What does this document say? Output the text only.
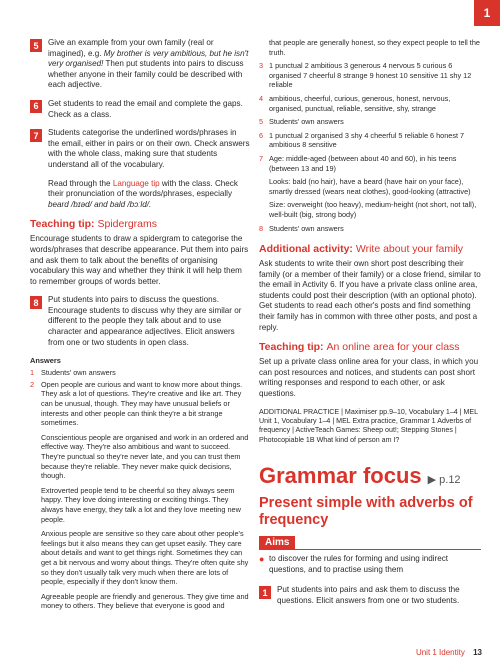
1
5	Give an example from your own family (real or imagined), e.g. My brother is very ambitious, but he isn't very organised! Then put students into pairs to discuss whether anyone in their family could be described with each adjective.
6	Get students to read the email and complete the gaps. Check as a class.
7	Students categorise the underlined words/phrases in the email, either in pairs or on their own. Check answers with the whole class, making sure that students understand all of the vocabulary.
Read through the Language tip with the class. Check their pronunciation of the words/phrases, especially beard /bɪəd/ and bald /bɔːld/.
Teaching tip: Spidergrams
Encourage students to draw a spidergram to categorise the words/phrases that describe appearance. Put them into pairs and ask them to talk about the benefits of organising vocabulary this way and whether they think it will help them to remember groups of words better.
8	Put students into pairs to discuss the questions. Encourage students to discuss why they are similar or different to the people they talk about and to use character and appearance adjectives. Elicit answers from one or two students in open class.
Answers
1 Students' own answers
2 Open people are curious and want to know more about things. They ask a lot of questions. They're creative and like art. They can be unusual, though. They may have unusual beliefs or interests and other people can think they're a bit strange sometimes.
Conscientious people are organised and work in an ordered and effective way. They're also ambitious and want to succeed. They're punctual so they're never late, and you can trust them because they're reliable. They never make quick decisions, though.
Extroverted people tend to be cheerful so they always seem happy. They love doing interesting or exciting things. They always have energy, they talk a lot and they love meeting new people.
Anxious people are sensitive so they care about other people's feelings but it also means they can get upset easily. They care about details and want to get things right. Sometimes they can get a bit nervous and worry about things. They're often quite shy so they don't usually talk very much when there are lots of people, especially if they don't know them.
Agreeable people are friendly and generous. They give time and money to others. They believe that everyone is good and
that people are generally honest, so they expect people to tell the truth.
3 1 punctual 2 ambitious 3 generous 4 nervous 5 curious 6 organised 7 cheerful 8 strange 9 honest 10 sensitive 11 shy 12 reliable
4 ambitious, cheerful, curious, generous, honest, nervous, organised, punctual, reliable, sensitive, shy, strange
5 Students' own answers
6 1 punctual 2 organised 3 shy 4 cheerful 5 reliable 6 honest 7 ambitious 8 sensitive
7 Age: middle-aged (between about 40 and 60), in his teens (between 13 and 19)
Looks: bald (no hair), have a beard (have hair on your face), smartly dressed (wears neat clothes), good-looking (attractive)
Size: overweight (too heavy), medium-height (not short, not tall), well-built (big, strong body)
8 Students' own answers
Additional activity: Write about your family
Ask students to write their own short post describing their family (or a member of their family) or a close friend, similar to the email in Activity 6. If you have a private class online area, students could post their description (with an optional photo). Get students to read each other's posts and find something their family has in common with three other posts, and post a reply.
Teaching tip: An online area for your class
Set up a private class online area for your class, in which you can post resources and notices, and students can post short writing responses and respond to each other, or ask questions.
ADDITIONAL PRACTICE | Maximiser pp.9–10, Vocabulary 1–4 | MEL Unit 1, Vocabulary 1–4 | MEL Extra practice, Grammar 1 Adverbs of frequency | ActiveTeach Games: Sheep out!; Stepping Stones | Photocopiable 1B What kind of person am I?
Grammar focus ▶ p.12
Present simple with adverbs of frequency
Aims
● to discover the rules for forming and using indirect questions, and to practise using them
1	Put students into pairs and ask them to discuss the questions. Elicit answers from one or two students.
Unit 1 Identity 13
